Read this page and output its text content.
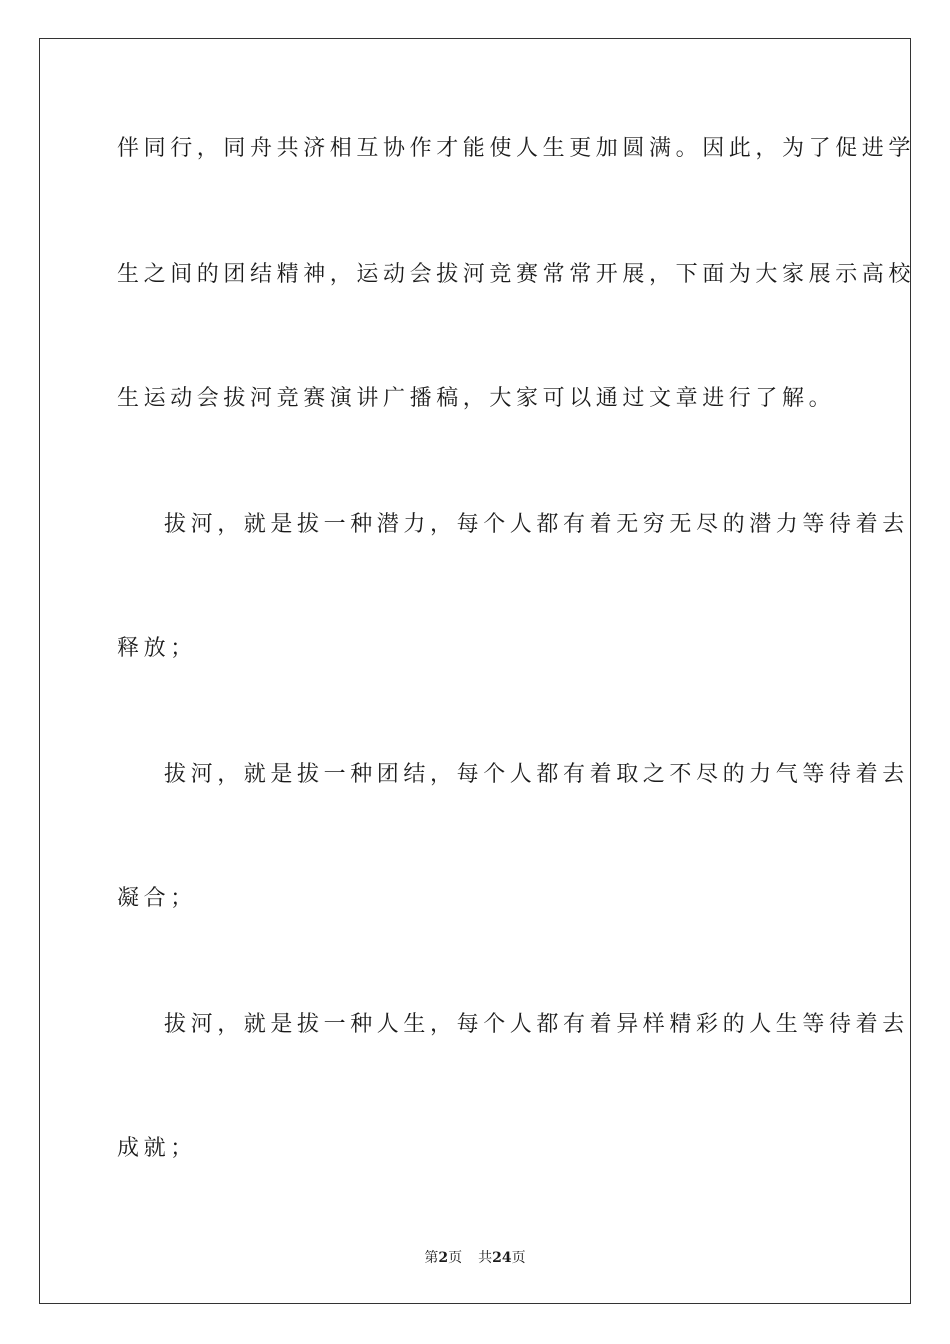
伴同行，同舟共济相互协作才能使人生更加圆满。因此，为了促进学
生之间的团结精神，运动会拔河竞赛常常开展，下面为大家展示高校
生运动会拔河竞赛演讲广播稿，大家可以通过文章进行了解。
拔河，就是拔一种潜力，每个人都有着无穷无尽的潜力等待着去
释放；
拔河，就是拔一种团结，每个人都有着取之不尽的力气等待着去
凝合；
拔河，就是拔一种人生，每个人都有着异样精彩的人生等待着去
成就；
第2页 共24页
